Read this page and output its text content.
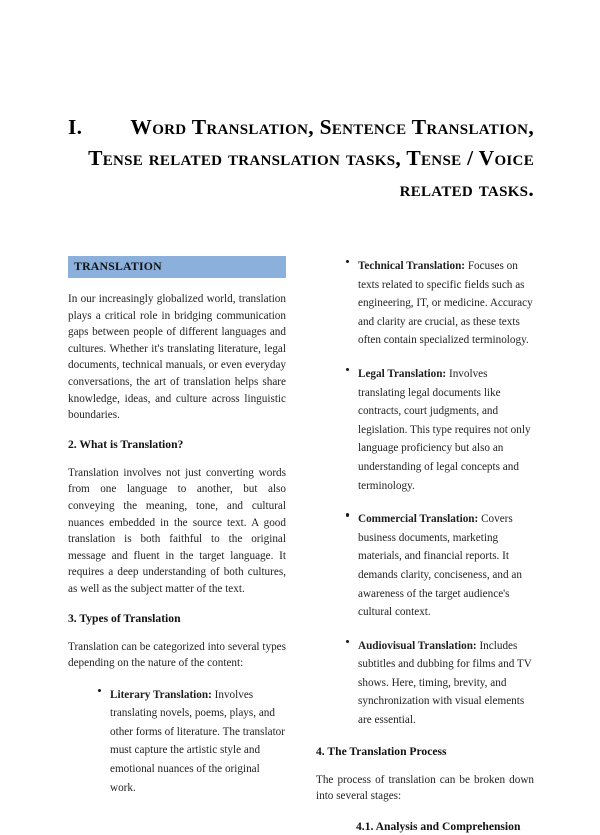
I.	Word Translation, Sentence Translation, Tense related translation tasks, Tense / Voice related tasks.
TRANSLATION

In our increasingly globalized world, translation plays a critical role in bridging communication gaps between people of different languages and cultures. Whether it's translating literature, legal documents, technical manuals, or even everyday conversations, the art of translation helps share knowledge, ideas, and culture across linguistic boundaries.

2. What is Translation?

Translation involves not just converting words from one language to another, but also conveying the meaning, tone, and cultural nuances embedded in the source text. A good translation is both faithful to the original message and fluent in the target language. It requires a deep understanding of both cultures, as well as the subject matter of the text.

3. Types of Translation

Translation can be categorized into several types depending on the nature of the content:

Literary Translation: Involves translating novels, poems, plays, and other forms of literature. The translator must capture the artistic style and emotional nuances of the original work.
Technical Translation: Focuses on texts related to specific fields such as engineering, IT, or medicine. Accuracy and clarity are crucial, as these texts often contain specialized terminology.
Legal Translation: Involves translating legal documents like contracts, court judgments, and legislation. This type requires not only language proficiency but also an understanding of legal concepts and terminology.
Commercial Translation: Covers business documents, marketing materials, and financial reports. It demands clarity, conciseness, and an awareness of the target audience's cultural context.
Audiovisual Translation: Includes subtitles and dubbing for films and TV shows. Here, timing, brevity, and synchronization with visual elements are essential.
4. The Translation Process

The process of translation can be broken down into several stages:

4.1. Analysis and Comprehension
